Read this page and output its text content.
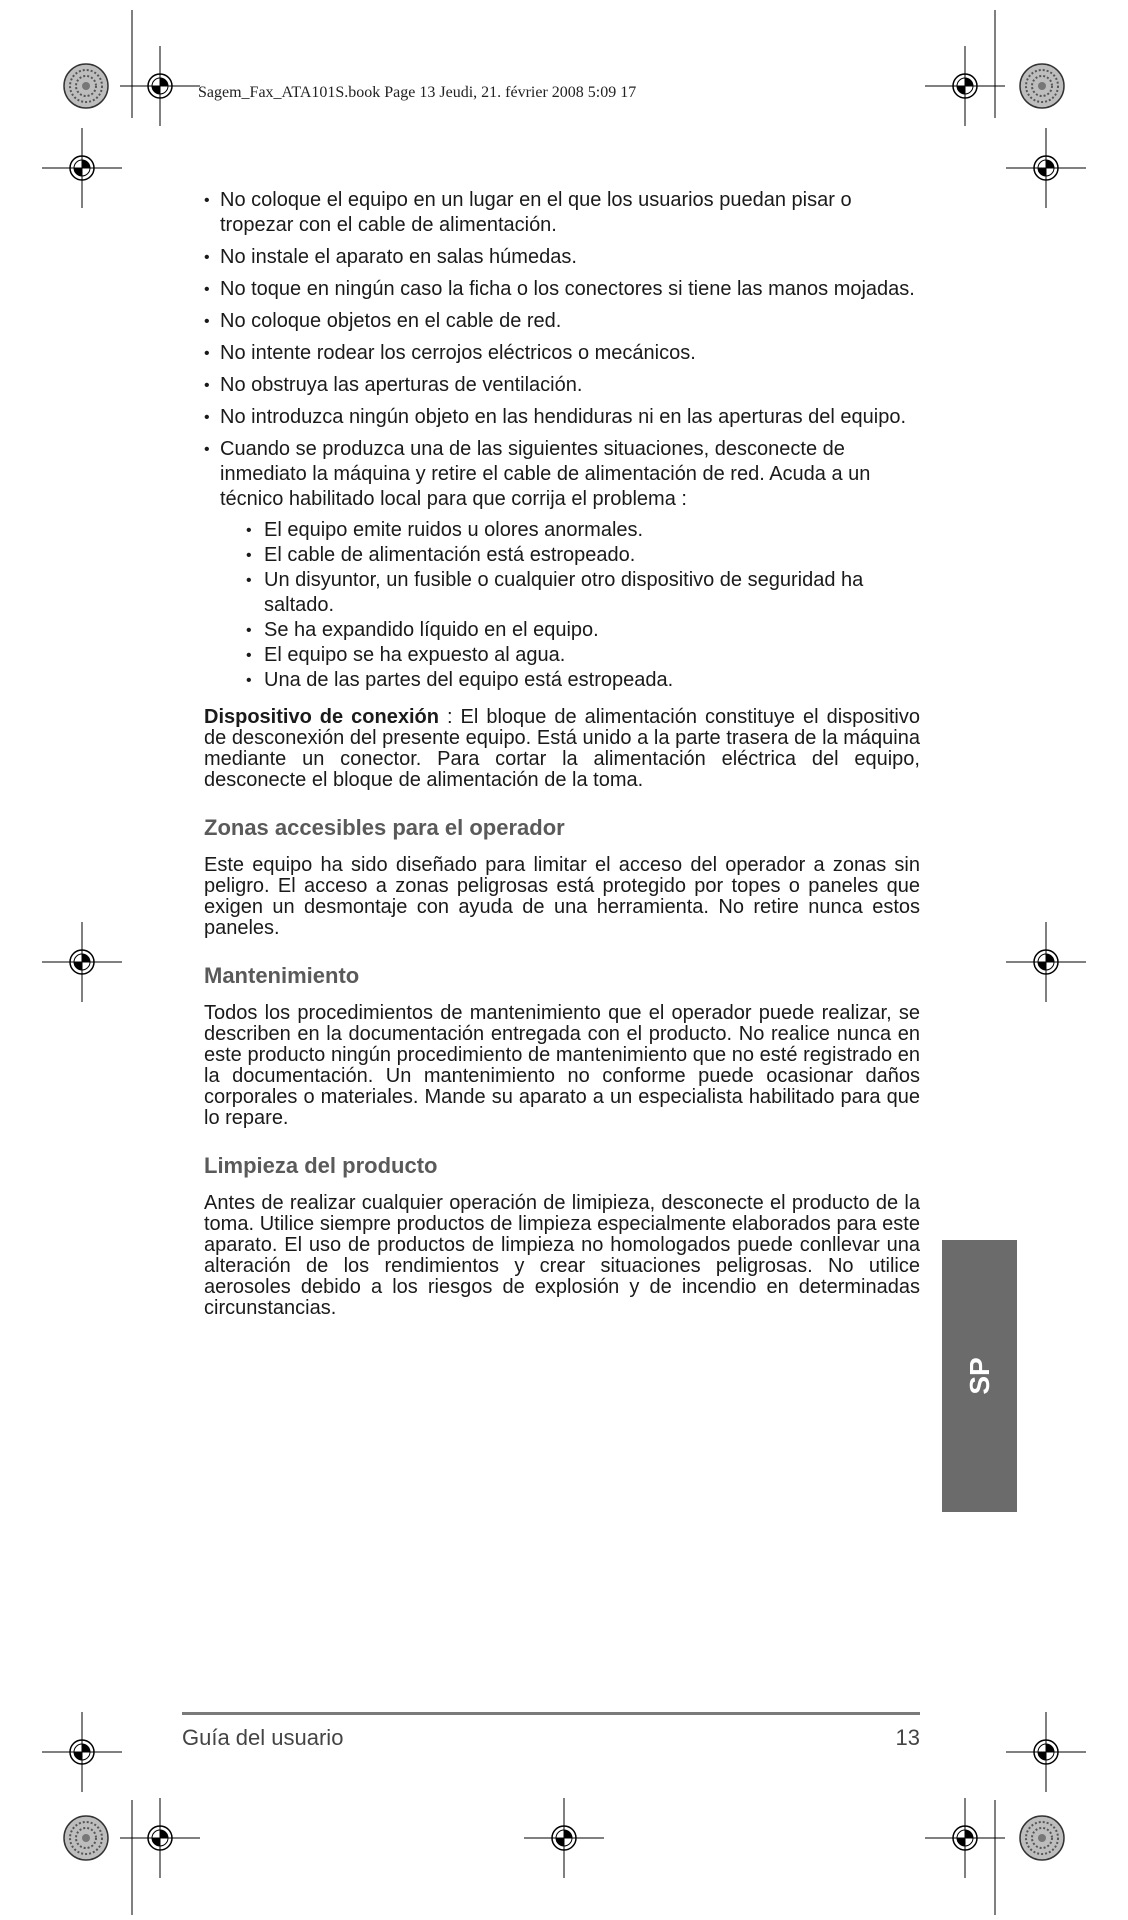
Sagem_Fax_ATA101S.book Page 13 Jeudi, 21. février 2008 5:09 17
• No coloque el equipo en un lugar en el que los usuarios puedan pisar o tropezar con el cable de alimentación.
• No instale el aparato en salas húmedas.
• No toque en ningún caso la ficha o los conectores si tiene las manos mojadas.
• No coloque objetos en el cable de red.
• No intente rodear los cerrojos eléctricos o mecánicos.
• No obstruya las aperturas de ventilación.
• No introduzca ningún objeto en las hendiduras ni en las aperturas del equipo.
• Cuando se produzca una de las siguientes situaciones, desconecte de inmediato la máquina y retire el cable de alimentación de red. Acuda a un técnico habilitado local para que corrija el problema :
• El equipo emite ruidos u olores anormales.
• El cable de alimentación está estropeado.
• Un disyuntor, un fusible o cualquier otro dispositivo de seguridad ha saltado.
• Se ha expandido líquido en el equipo.
• El equipo se ha expuesto al agua.
• Una de las partes del equipo está estropeada.

Dispositivo de conexión : El bloque de alimentación constituye el dispositivo de desconexión del presente equipo. Está unido a la parte trasera de la máquina mediante un conector. Para cortar la alimentación eléctrica del equipo, desconecte el bloque de alimentación de la toma.

Zonas accesibles para el operador

Este equipo ha sido diseñado para limitar el acceso del operador a zonas sin peligro. El acceso a zonas peligrosas está protegido por topes o paneles que exigen un desmontaje con ayuda de una herramienta. No retire nunca estos paneles.

Mantenimiento

Todos los procedimientos de mantenimiento que el operador puede realizar, se describen en la documentación entregada con el producto. No realice nunca en este producto ningún procedimiento de mantenimiento que no esté registrado en la documentación. Un mantenimiento no conforme puede ocasionar daños corporales o materiales. Mande su aparato a un especialista habilitado para que lo repare.

Limpieza del producto

Antes de realizar cualquier operación de limipieza, desconecte el producto de la toma. Utilice siempre productos de limpieza especialmente elaborados para este aparato. El uso de productos de limpieza no homologados puede conllevar una alteración de los rendimientos y crear situaciones peligrosas. No utilice aerosoles debido a los riesgos de explosión y de incendio en determinadas circunstancias.

SP
Guía del usuario	13
